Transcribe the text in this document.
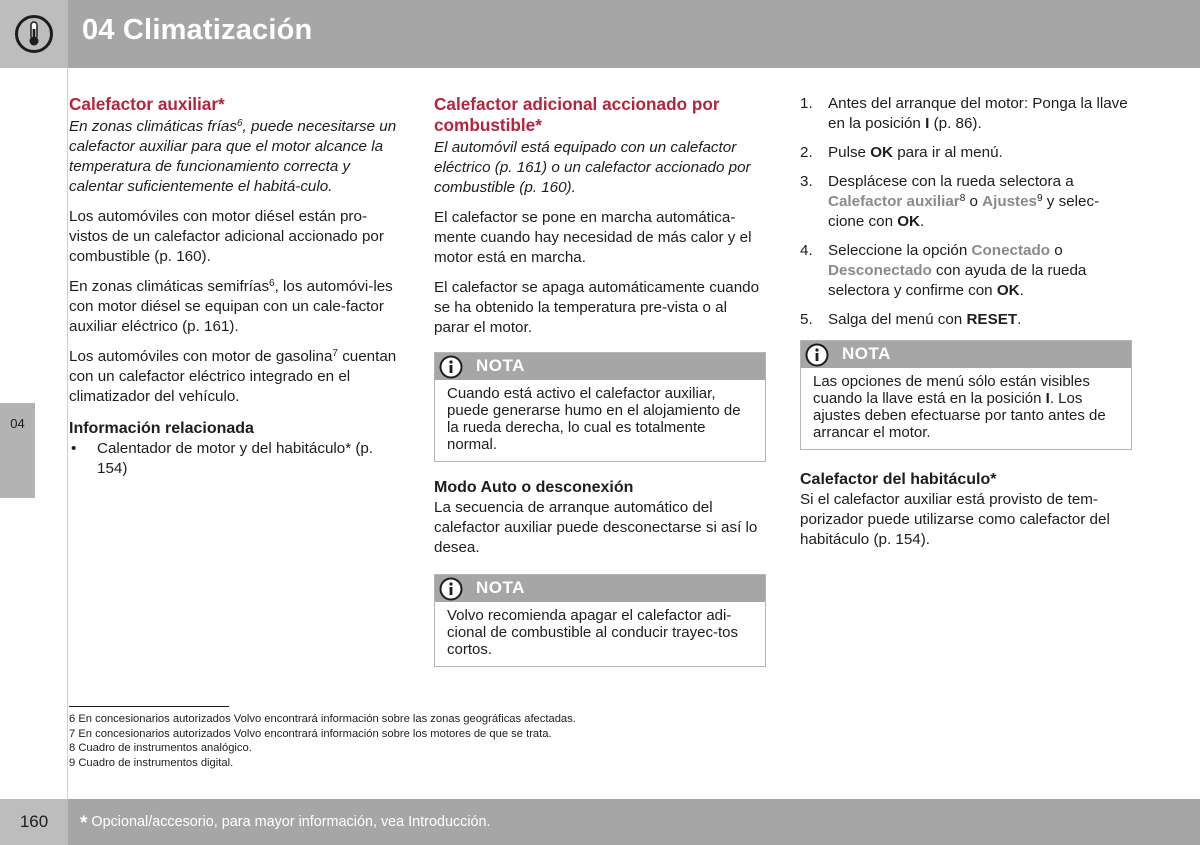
04 Climatización
04
Calefactor auxiliar*

En zonas climáticas frías$^6$, puede necesitarse un calefactor auxiliar para que el motor alcance la temperatura de funcionamiento correcta y calentar suficientemente el habitá-culo.

Los automóviles con motor diésel están pro-vistos de un calefactor adicional accionado por combustible (p. 160).

En zonas climáticas semifrías$^6$, los automóvi-les con motor diésel se equipan con un cale-factor auxiliar eléctrico (p. 161).

Los automóviles con motor de gasolina$^7$ cuentan con un calefactor eléctrico integrado en el climatizador del vehículo.

Información relacionada
•	Calentador de motor y del habitáculo* (p. 154)
Calefactor adicional accionado por combustible*

El automóvil está equipado con un calefactor eléctrico (p. 161) o un calefactor accionado por combustible (p. 160).

El calefactor se pone en marcha automática-mente cuando hay necesidad de más calor y el motor está en marcha.

El calefactor se apaga automáticamente cuando se ha obtenido la temperatura pre-vista o al parar el motor.

NOTA
Cuando está activo el calefactor auxiliar, puede generarse humo en el alojamiento de la rueda derecha, lo cual es totalmente normal.
Modo Auto o desconexión

La secuencia de arranque automático del calefactor auxiliar puede desconectarse si así lo desea.

NOTA
Volvo recomienda apagar el calefactor adi-cional de combustible al conducir trayec-tos cortos.
1.	Antes del arranque del motor: Ponga la llave en la posición I (p. 86).
2.	Pulse OK para ir al menú.
3.	Desplácese con la rueda selectora a Calefactor auxiliar$^8$ o Ajustes$^9$ y selec-cione con OK.
4.	Seleccione la opción Conectado o Desconectado con ayuda de la rueda selectora y confirme con OK.
5.	Salga del menú con RESET.
NOTA
Las opciones de menú sólo están visibles cuando la llave está en la posición I. Los ajustes deben efectuarse por tanto antes de arrancar el motor.
Calefactor del habitáculo*

Si el calefactor auxiliar está provisto de tem-porizador puede utilizarse como calefactor del habitáculo (p. 154).

6 En concesionarios autorizados Volvo encontrará información sobre las zonas geográficas afectadas.
7 En concesionarios autorizados Volvo encontrará información sobre los motores de que se trata.
8 Cuadro de instrumentos analógico.
9 Cuadro de instrumentos digital.
160	* Opcional/accesorio, para mayor información, vea Introducción.
